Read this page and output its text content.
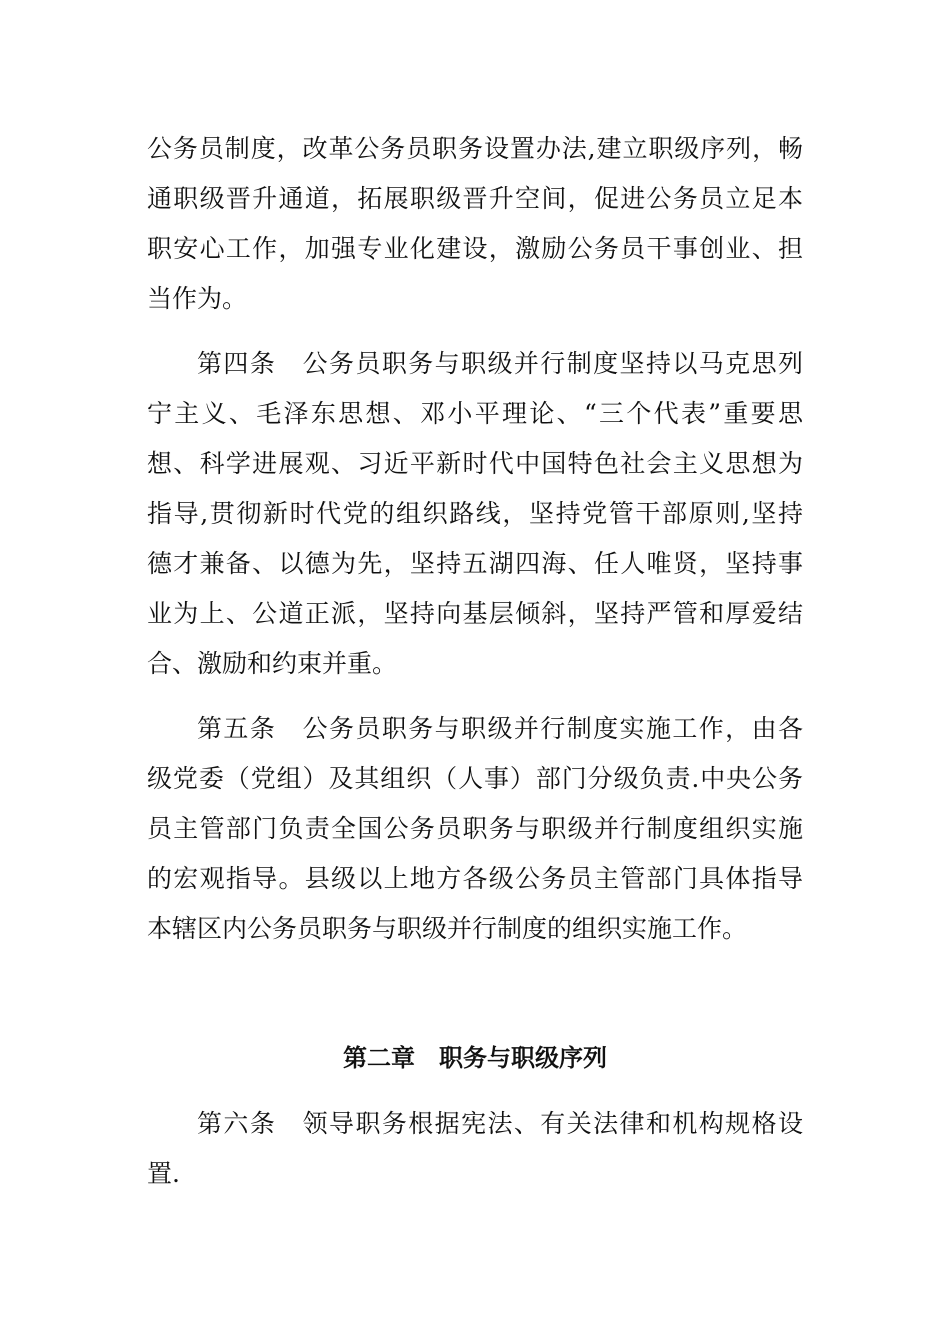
公务员制度，改革公务员职务设置办法,建立职级序列，畅
通职级晋升通道，拓展职级晋升空间，促进公务员立足本
职安心工作，加强专业化建设，激励公务员干事创业、担
当作为。
第四条　公务员职务与职级并行制度坚持以马克思列
宁主义、毛泽东思想、邓小平理论、“三个代表”重要思
想、科学进展观、习近平新时代中国特色社会主义思想为
指导,贯彻新时代党的组织路线，坚持党管干部原则,坚持
德才兼备、以德为先，坚持五湖四海、任人唯贤，坚持事
业为上、公道正派，坚持向基层倾斜，坚持严管和厚爱结
合、激励和约束并重。
第五条　公务员职务与职级并行制度实施工作，由各
级党委（党组）及其组织（人事）部门分级负责.中央公务
员主管部门负责全国公务员职务与职级并行制度组织实施
的宏观指导。县级以上地方各级公务员主管部门具体指导
本辖区内公务员职务与职级并行制度的组织实施工作。
第二章　职务与职级序列
第六条　领导职务根据宪法、有关法律和机构规格设
置.
